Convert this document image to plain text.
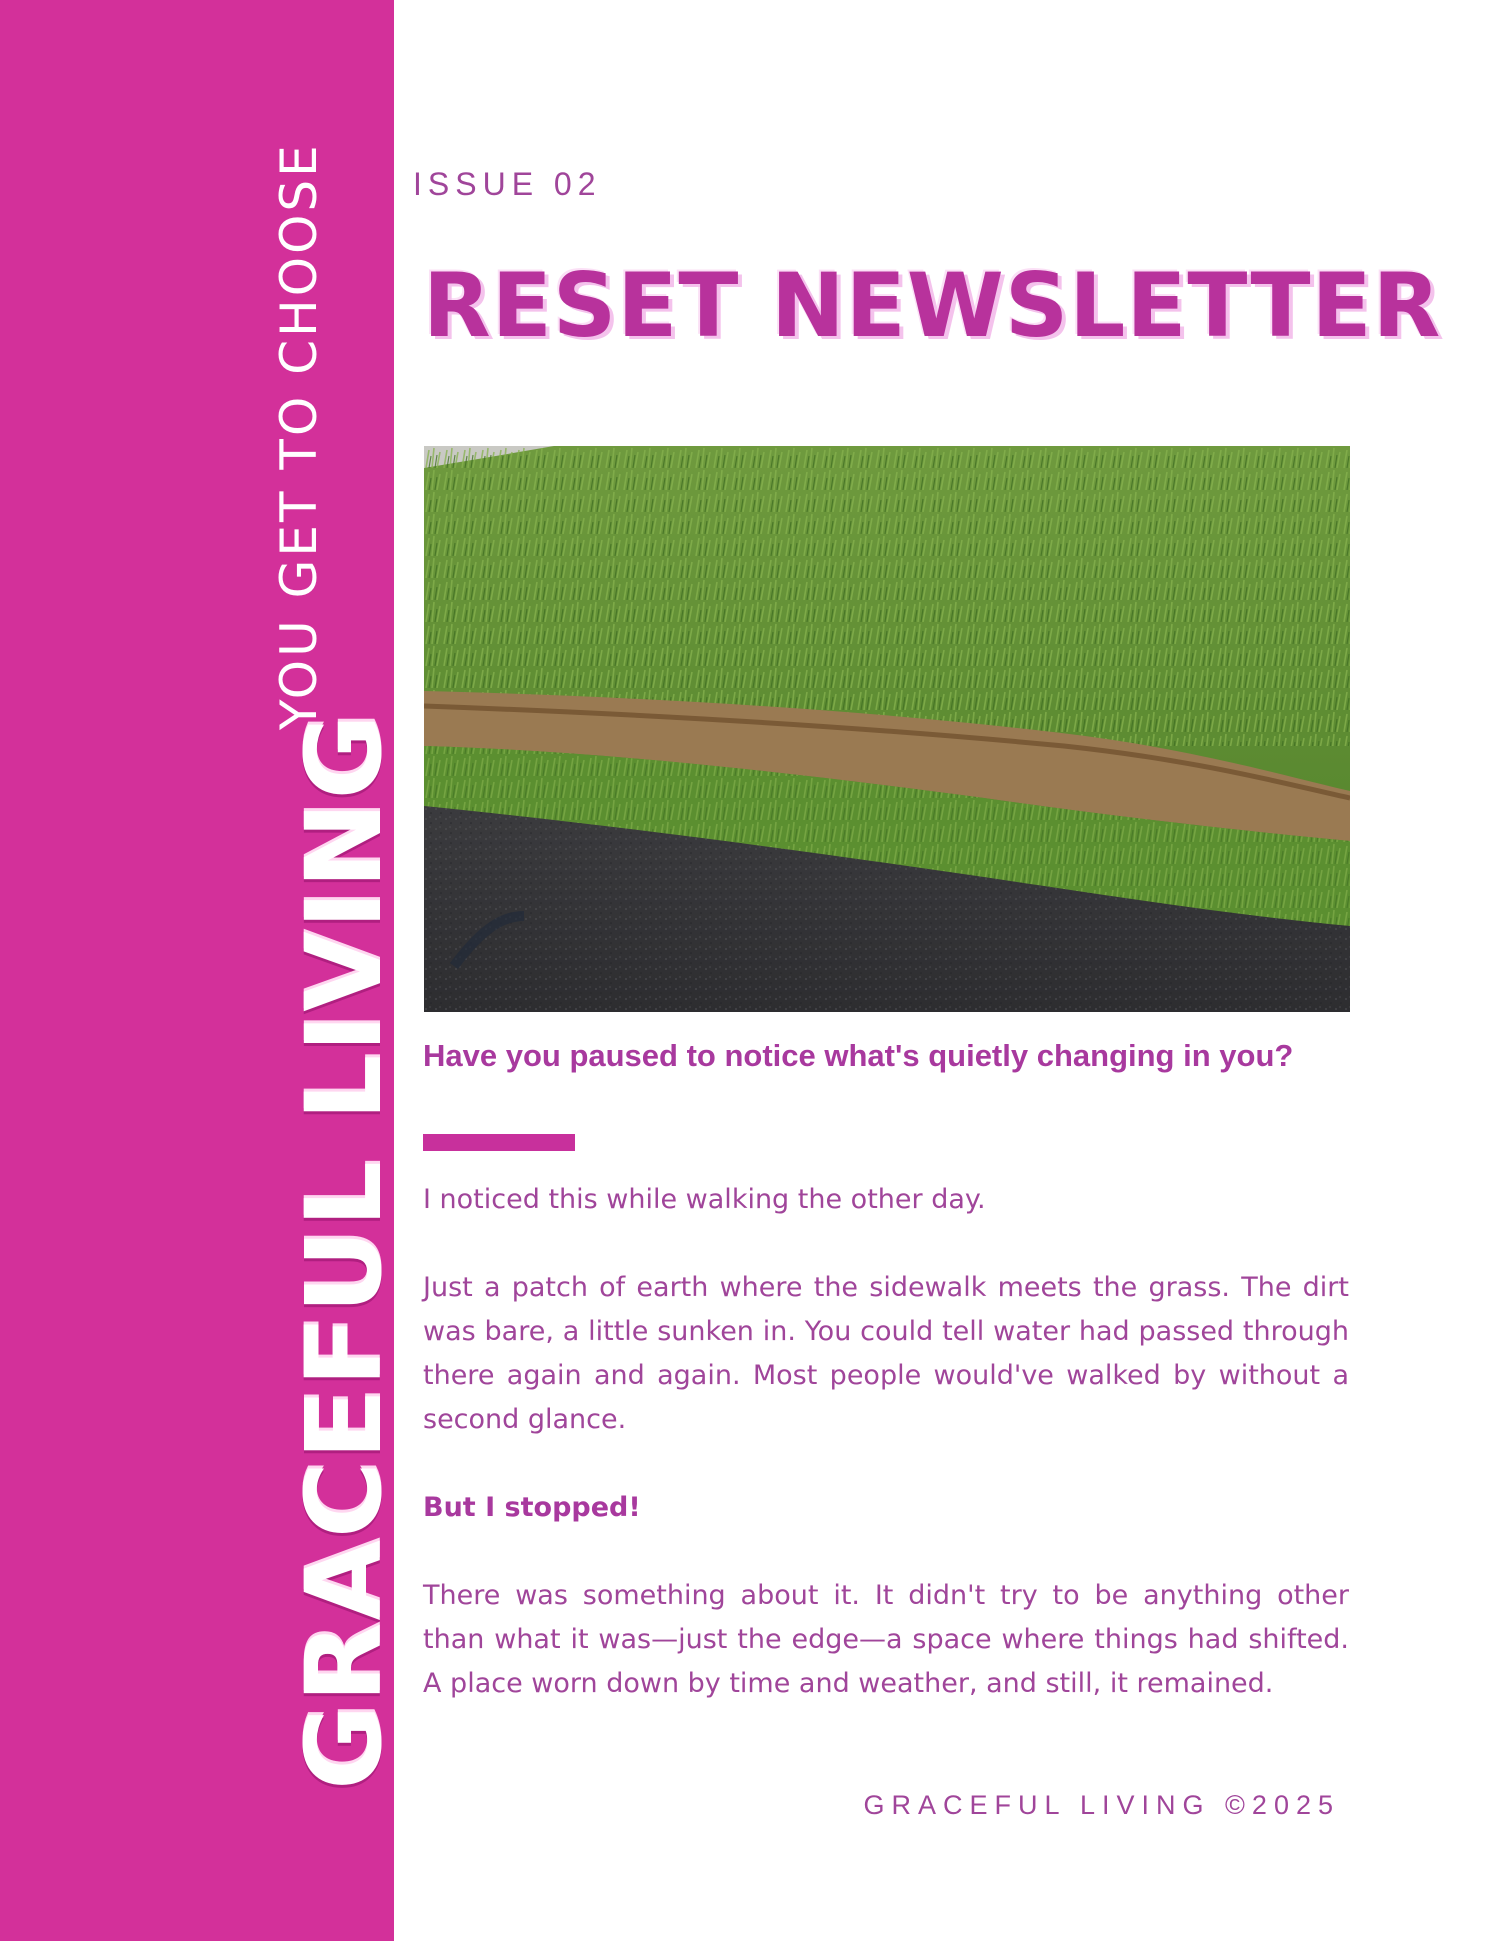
GRACEFUL LIVING
YOU GET TO CHOOSE	ISSUE 02
RESET NEWSLETTER
Have you paused to notice what's quietly changing in you?

I noticed this while walking the other day.

Just a patch of earth where the sidewalk meets the grass. The dirt was bare, a little sunken in. You could tell water had passed through there again and again. Most people would've walked by without a second glance.

But I stopped!

There was something about it. It didn't try to be anything other than what it was—just the edge—a space where things had shifted. A place worn down by time and weather, and still, it remained.

GRACEFUL LIVING ©2025
